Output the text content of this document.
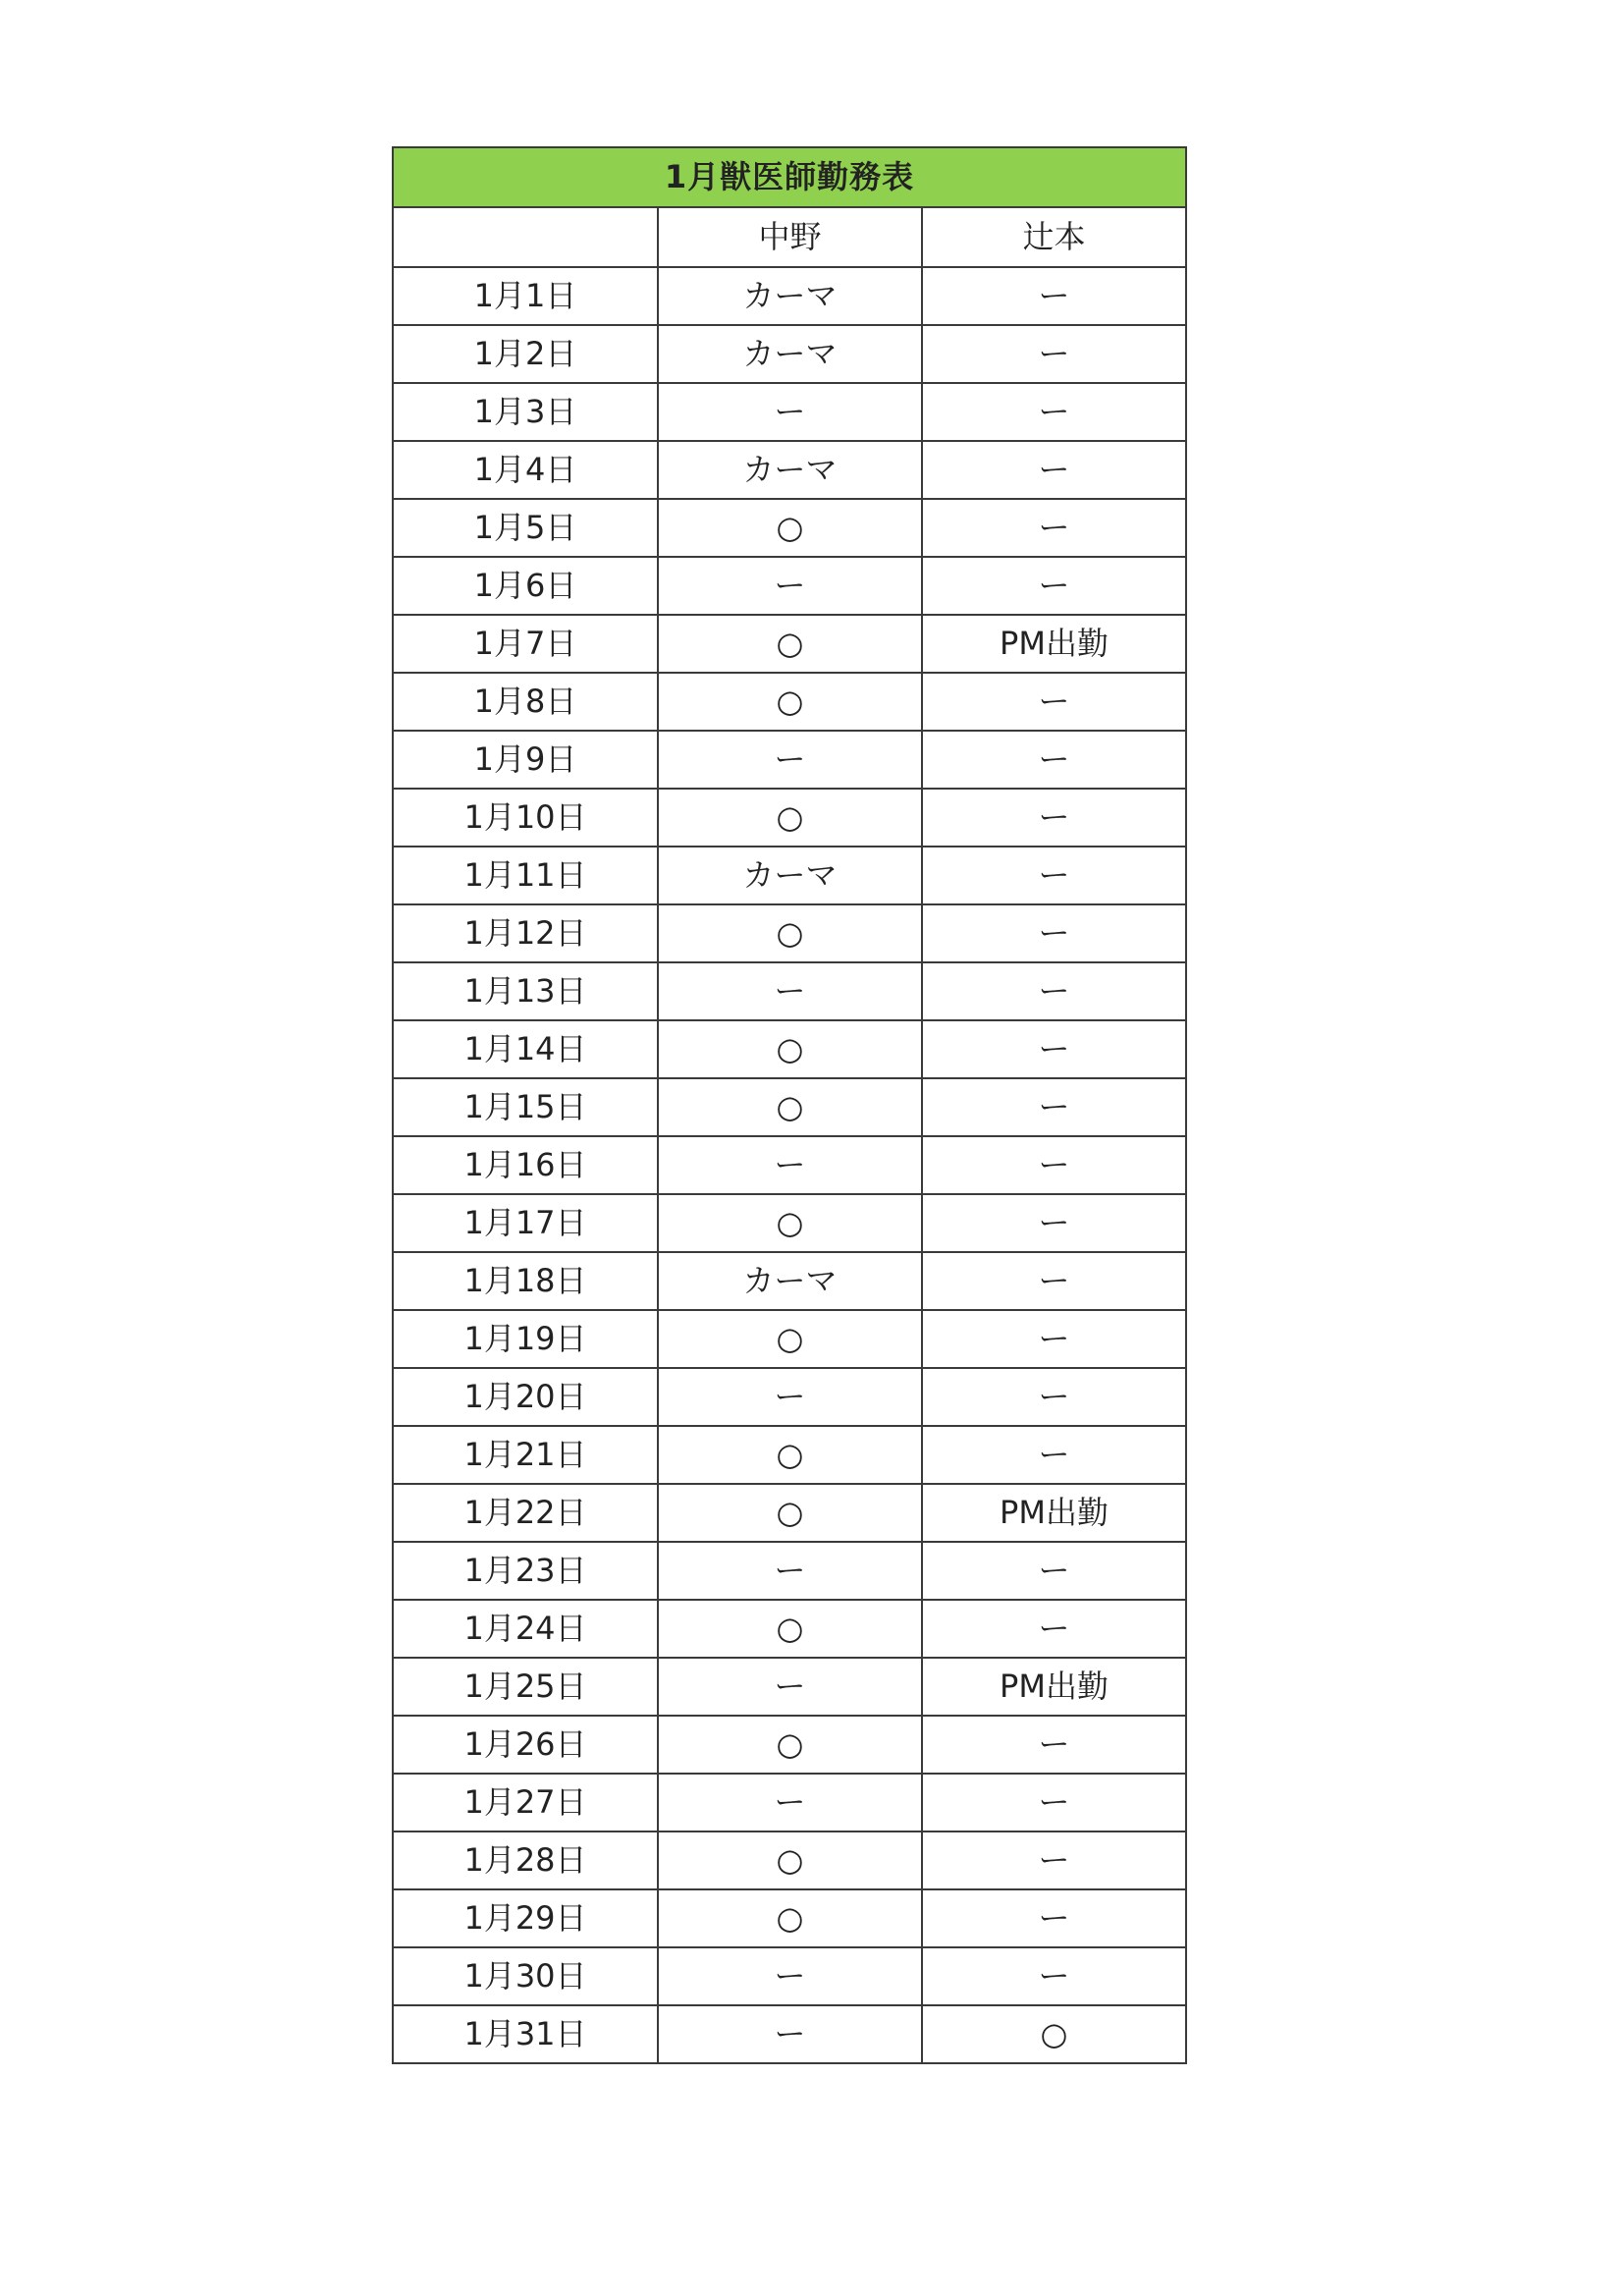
1月獣医師勤務表		
	中野	辻本
1月1日	カーマ	ー
1月2日	カーマ	ー
1月3日	ー	ー
1月4日	カーマ	ー
1月5日	○	ー
1月6日	ー	ー
1月7日	○	PM出勤
1月8日	○	ー
1月9日	ー	ー
1月10日	○	ー
1月11日	カーマ	ー
1月12日	○	ー
1月13日	ー	ー
1月14日	○	ー
1月15日	○	ー
1月16日	ー	ー
1月17日	○	ー
1月18日	カーマ	ー
1月19日	○	ー
1月20日	ー	ー
1月21日	○	ー
1月22日	○	PM出勤
1月23日	ー	ー
1月24日	○	ー
1月25日	ー	PM出勤
1月26日	○	ー
1月27日	ー	ー
1月28日	○	ー
1月29日	○	ー
1月30日	ー	ー
1月31日	ー	○
